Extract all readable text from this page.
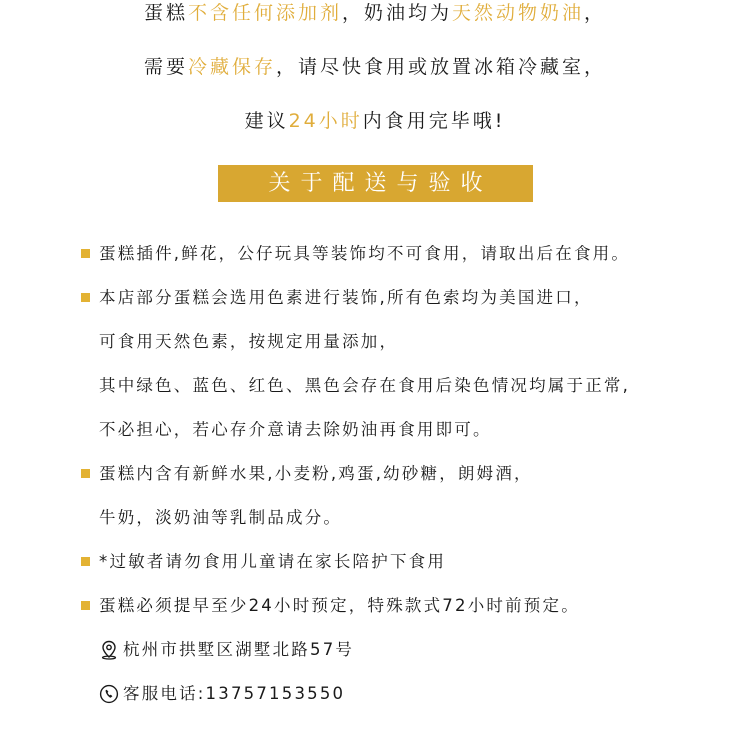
蛋糕不含任何添加剂，奶油均为天然动物奶油，
需要冷藏保存，请尽快食用或放置冰箱冷藏室，
建议24小时内食用完毕哦!
关于配送与验收
蛋糕插件,鲜花，公仔玩具等装饰均不可食用，请取出后在食用。
本店部分蛋糕会选用色素进行装饰,所有色索均为美国进口，
可食用天然色素，按规定用量添加，
其中绿色、蓝色、红色、黑色会存在食用后染色情况均属于正常,
不必担心，若心存介意请去除奶油再食用即可。
蛋糕内含有新鲜水果,小麦粉,鸡蛋,幼砂糖，朗姆酒，
牛奶，淡奶油等乳制品成分。
*过敏者请勿食用儿童请在家长陪护下食用
蛋糕必须提早至少24小时预定，特殊款式72小时前预定。
杭州市拱墅区湖墅北路57号
客服电话:13757153550
